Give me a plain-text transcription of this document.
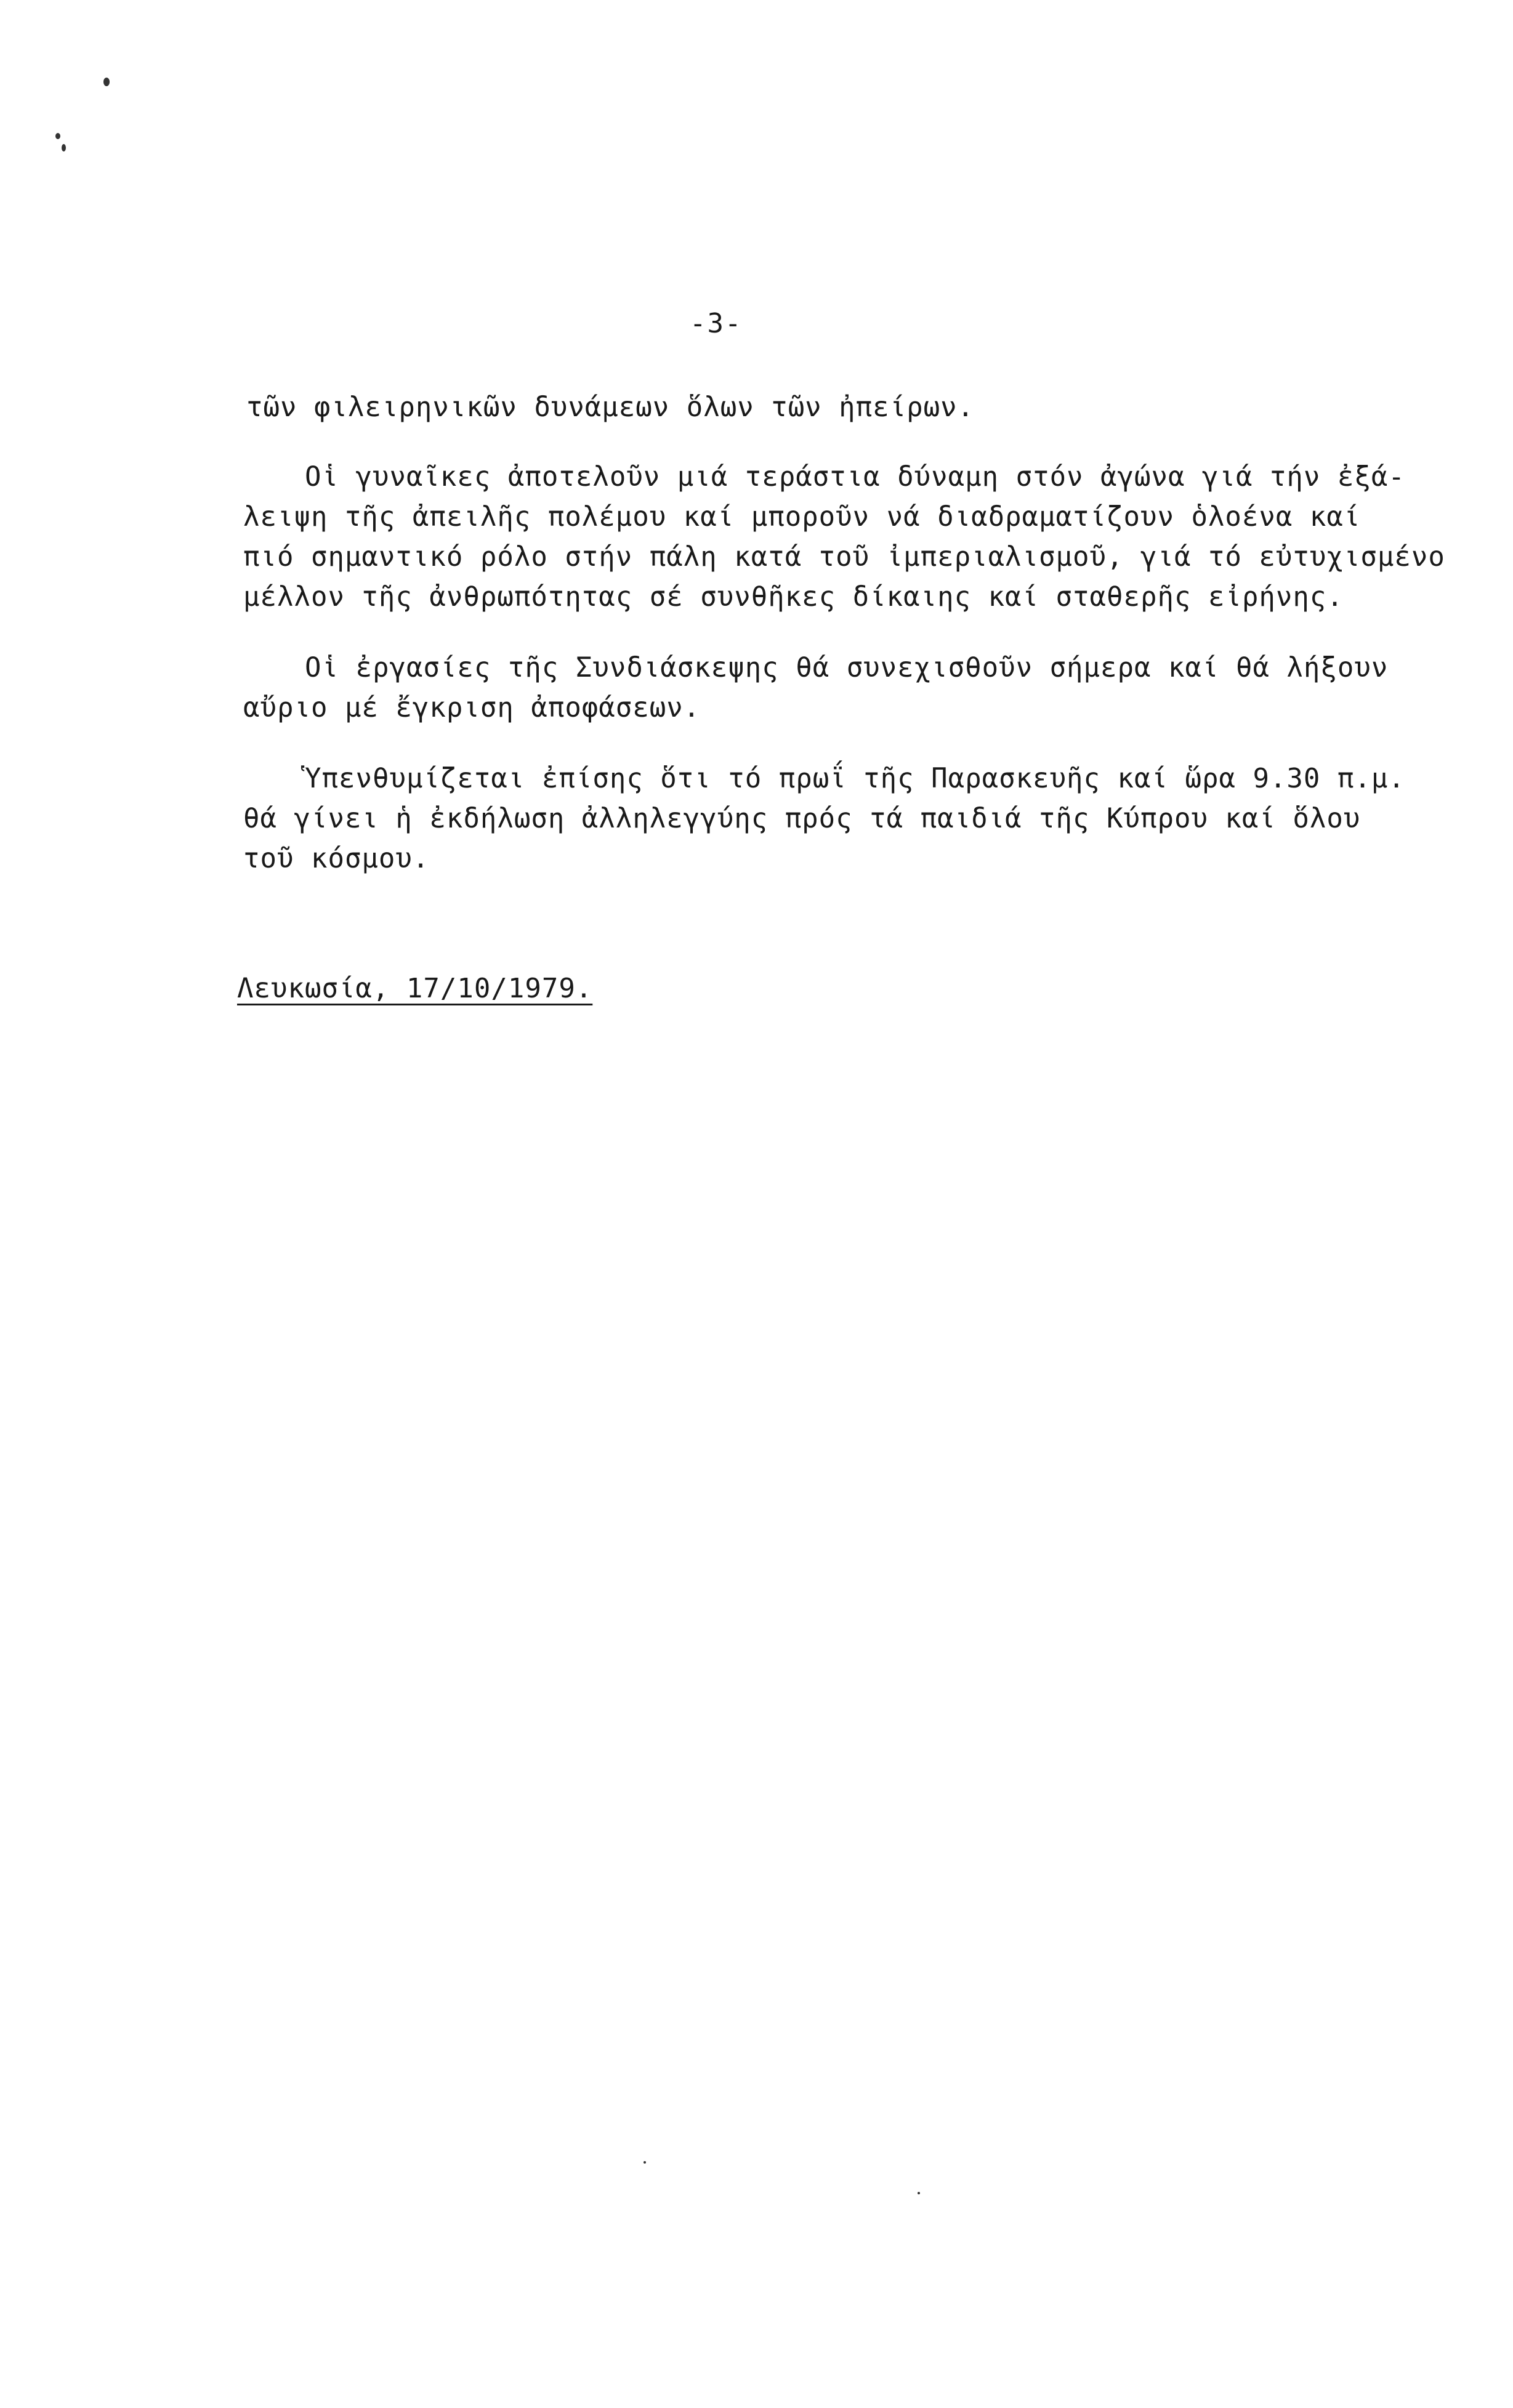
-3-
τῶν φιλειρηνικῶν δυνάμεων ὅλων τῶν ἠπείρων.
Οἱ γυναῖκες ἀποτελοῦν μιά τεράστια δύναμη στόν ἀγώνα γιά τήν ἐξά-
λειψη τῆς ἀπειλῆς πολέμου καί μποροῦν νά διαδραματίζουν ὁλοένα καί
πιό σημαντικό ρόλο στήν πάλη κατά τοῦ ἰμπεριαλισμοῦ, γιά τό εὐτυχισμένο
μέλλον τῆς ἀνθρωπότητας σέ συνθῆκες δίκαιης καί σταθερῆς εἰρήνης.
Οἱ ἐργασίες τῆς Συνδιάσκεψης θά συνεχισθοῦν σήμερα καί θά λήξουν
αὔριο μέ ἔγκριση ἀποφάσεων.
Ὑπενθυμίζεται ἐπίσης ὅτι τό πρωΐ τῆς Παρασκευῆς καί ὥρα 9.30 π.μ.
θά γίνει ἡ ἐκδήλωση ἀλληλεγγύης πρός τά παιδιά τῆς Κύπρου καί ὅλου
τοῦ κόσμου.
Λευκωσία, 17/10/1979.
